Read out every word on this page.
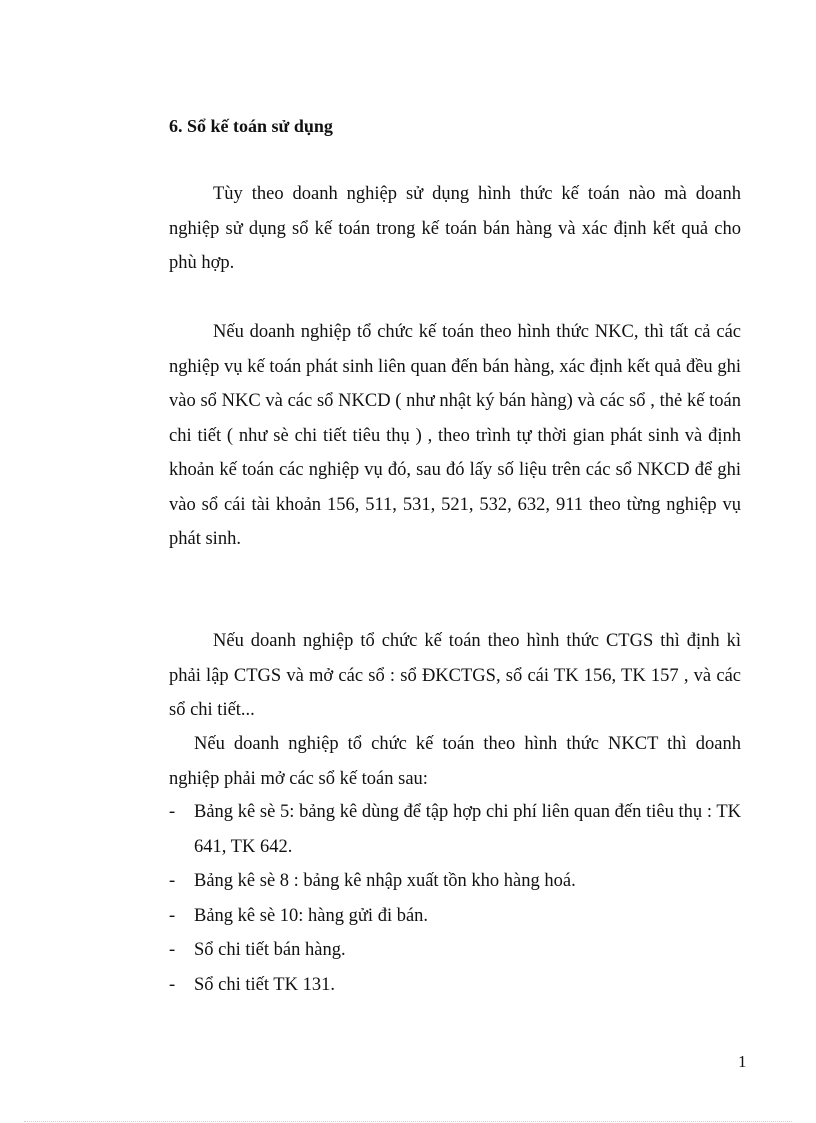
6. Sổ kế toán sử dụng

Tùy theo doanh nghiệp sử dụng hình thức kế toán nào mà doanh nghiệp sử dụng sổ kế toán trong kế toán bán hàng và xác định kết quả cho phù hợp.

Nếu doanh nghiệp tổ chức kế toán theo hình thức NKC, thì tất cả các nghiệp vụ kế toán phát sinh liên quan đến bán hàng, xác định kết quả đều ghi vào sổ NKC và các sổ NKCD ( như nhật ký bán hàng) và các sổ , thẻ kế toán chi tiết ( như sè chi tiết tiêu thụ ) , theo trình tự thời gian phát sinh và định khoản kế toán các nghiệp vụ đó, sau đó lấy số liệu trên các sổ NKCD để ghi vào sổ cái tài khoản 156, 511, 531, 521, 532, 632, 911 theo từng nghiệp vụ phát sinh.

Nếu doanh nghiệp tổ chức kế toán theo hình thức CTGS thì định kì phải lập CTGS và mở các sổ : sổ ĐKCTGS, sổ cái TK 156, TK 157 , và các sổ chi tiết...

Nếu doanh nghiệp tổ chức kế toán theo hình thức NKCT thì doanh nghiệp phải mở các sổ kế toán sau:

- Bảng kê sè 5: bảng kê dùng để tập hợp chi phí liên quan đến tiêu thụ : TK 641, TK 642.
- Bảng kê sè 8 : bảng kê nhập xuất tồn kho hàng hoá.
- Bảng kê sè 10: hàng gửi đi bán.
- Sổ chi tiết bán hàng.
- Sổ chi tiết TK 131.
1
